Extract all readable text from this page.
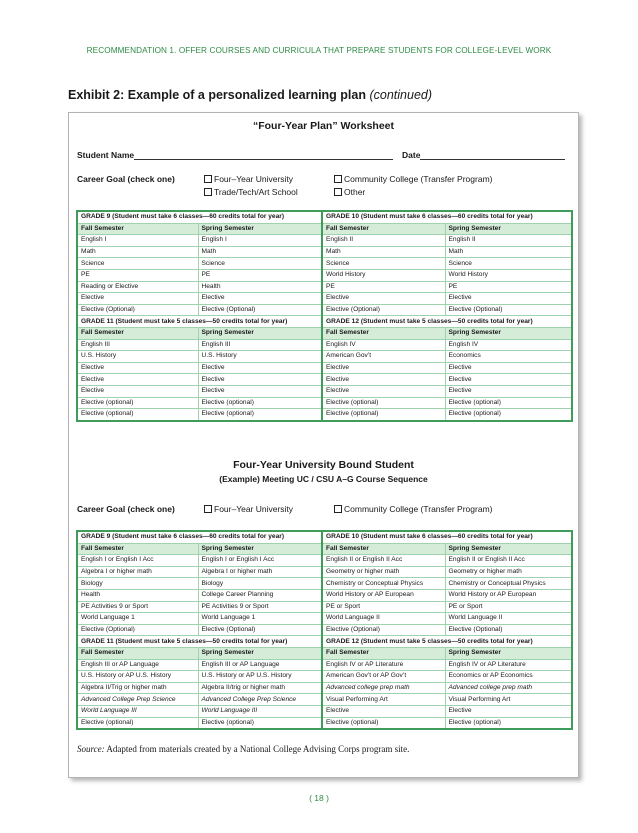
RECOMMENDATION 1. OFFER COURSES AND CURRICULA THAT PREPARE STUDENTS FOR COLLEGE-LEVEL WORK
Exhibit 2: Example of a personalized learning plan (continued)
“Four-Year Plan” Worksheet
Student Name	Date
Career Goal (check one)	Four–Year University
Trade/Tech/Art School
Community College (Transfer Program)
Other
GRADE 9 (Student must take 6 classes—60 credits total for year)		GRADE 10 (Student must take 6 classes—60 credits total for year)	
Fall Semester	Spring Semester	Fall Semester	Spring Semester
English I	English I	English II	English II
Math	Math	Math	Math
Science	Science	Science	Science
PE	PE	World History	World History
Reading or Elective	Health	PE	PE
Elective	Elective	Elective	Elective
Elective (Optional)	Elective (Optional)	Elective (Optional)	Elective (Optional)
GRADE 11 (Student must take 5 classes—50 credits total for year)		GRADE 12 (Student must take 5 classes—50 credits total for year)	
Fall Semester	Spring Semester	Fall Semester	Spring Semester
English III	English III	English IV	English IV
U.S. History	U.S. History	American Gov’t	Economics
Elective	Elective	Elective	Elective
Elective	Elective	Elective	Elective
Elective	Elective	Elective	Elective
Elective (optional)	Elective (optional)	Elective (optional)	Elective (optional)
Elective (optional)	Elective (optional)	Elective (optional)	Elective (optional)
Four-Year University Bound Student
(Example) Meeting UC / CSU A–G Course Sequence
Career Goal (check one)	Four–Year University	Community College (Transfer Program)
GRADE 9 (Student must take 6 classes—60 credits total for year)		GRADE 10 (Student must take 6 classes—60 credits total for year)	
Fall Semester	Spring Semester	Fall Semester	Spring Semester
English I or English I Acc	English I or English I Acc	English II or English II Acc	English II or English II Acc
Algebra I or higher math	Algebra I or higher math	Geometry or higher math	Geometry or higher math
Biology	Biology	Chemistry or Conceptual Physics	Chemistry or Conceptual Physics
Health	College Career Planning	World History or AP European	World History or AP European
PE Activities 9 or Sport	PE Activities 9 or Sport	PE or Sport	PE or Sport
World Language 1	World Language 1	World Language II	World Language II
Elective (Optional)	Elective (Optional)	Elective (Optional)	Elective (Optional)
GRADE 11 (Student must take 5 classes—50 credits total for year)		GRADE 12 (Student must take 5 classes—50 credits total for year)	
Fall Semester	Spring Semester	Fall Semester	Spring Semester
English III or AP Language	English III or AP Language	English IV or AP Literature	English IV or AP Literature
U.S. History or AP U.S. History	U.S. History or AP U.S. History	American Gov’t or AP Gov’t	Economics or AP Economics
Algebra II/Trig or higher math	Algebra II/trig or higher math	Advanced college prep math	Advanced college prep math
Advanced College Prep Science	Advanced College Prep Science	Visual Performing Art	Visual Performing Art
World Language III	World Language III	Elective	Elective
Elective (optional)	Elective (optional)	Elective (optional)	Elective (optional)
Source: Adapted from materials created by a National College Advising Corps program site.
( 18 )
